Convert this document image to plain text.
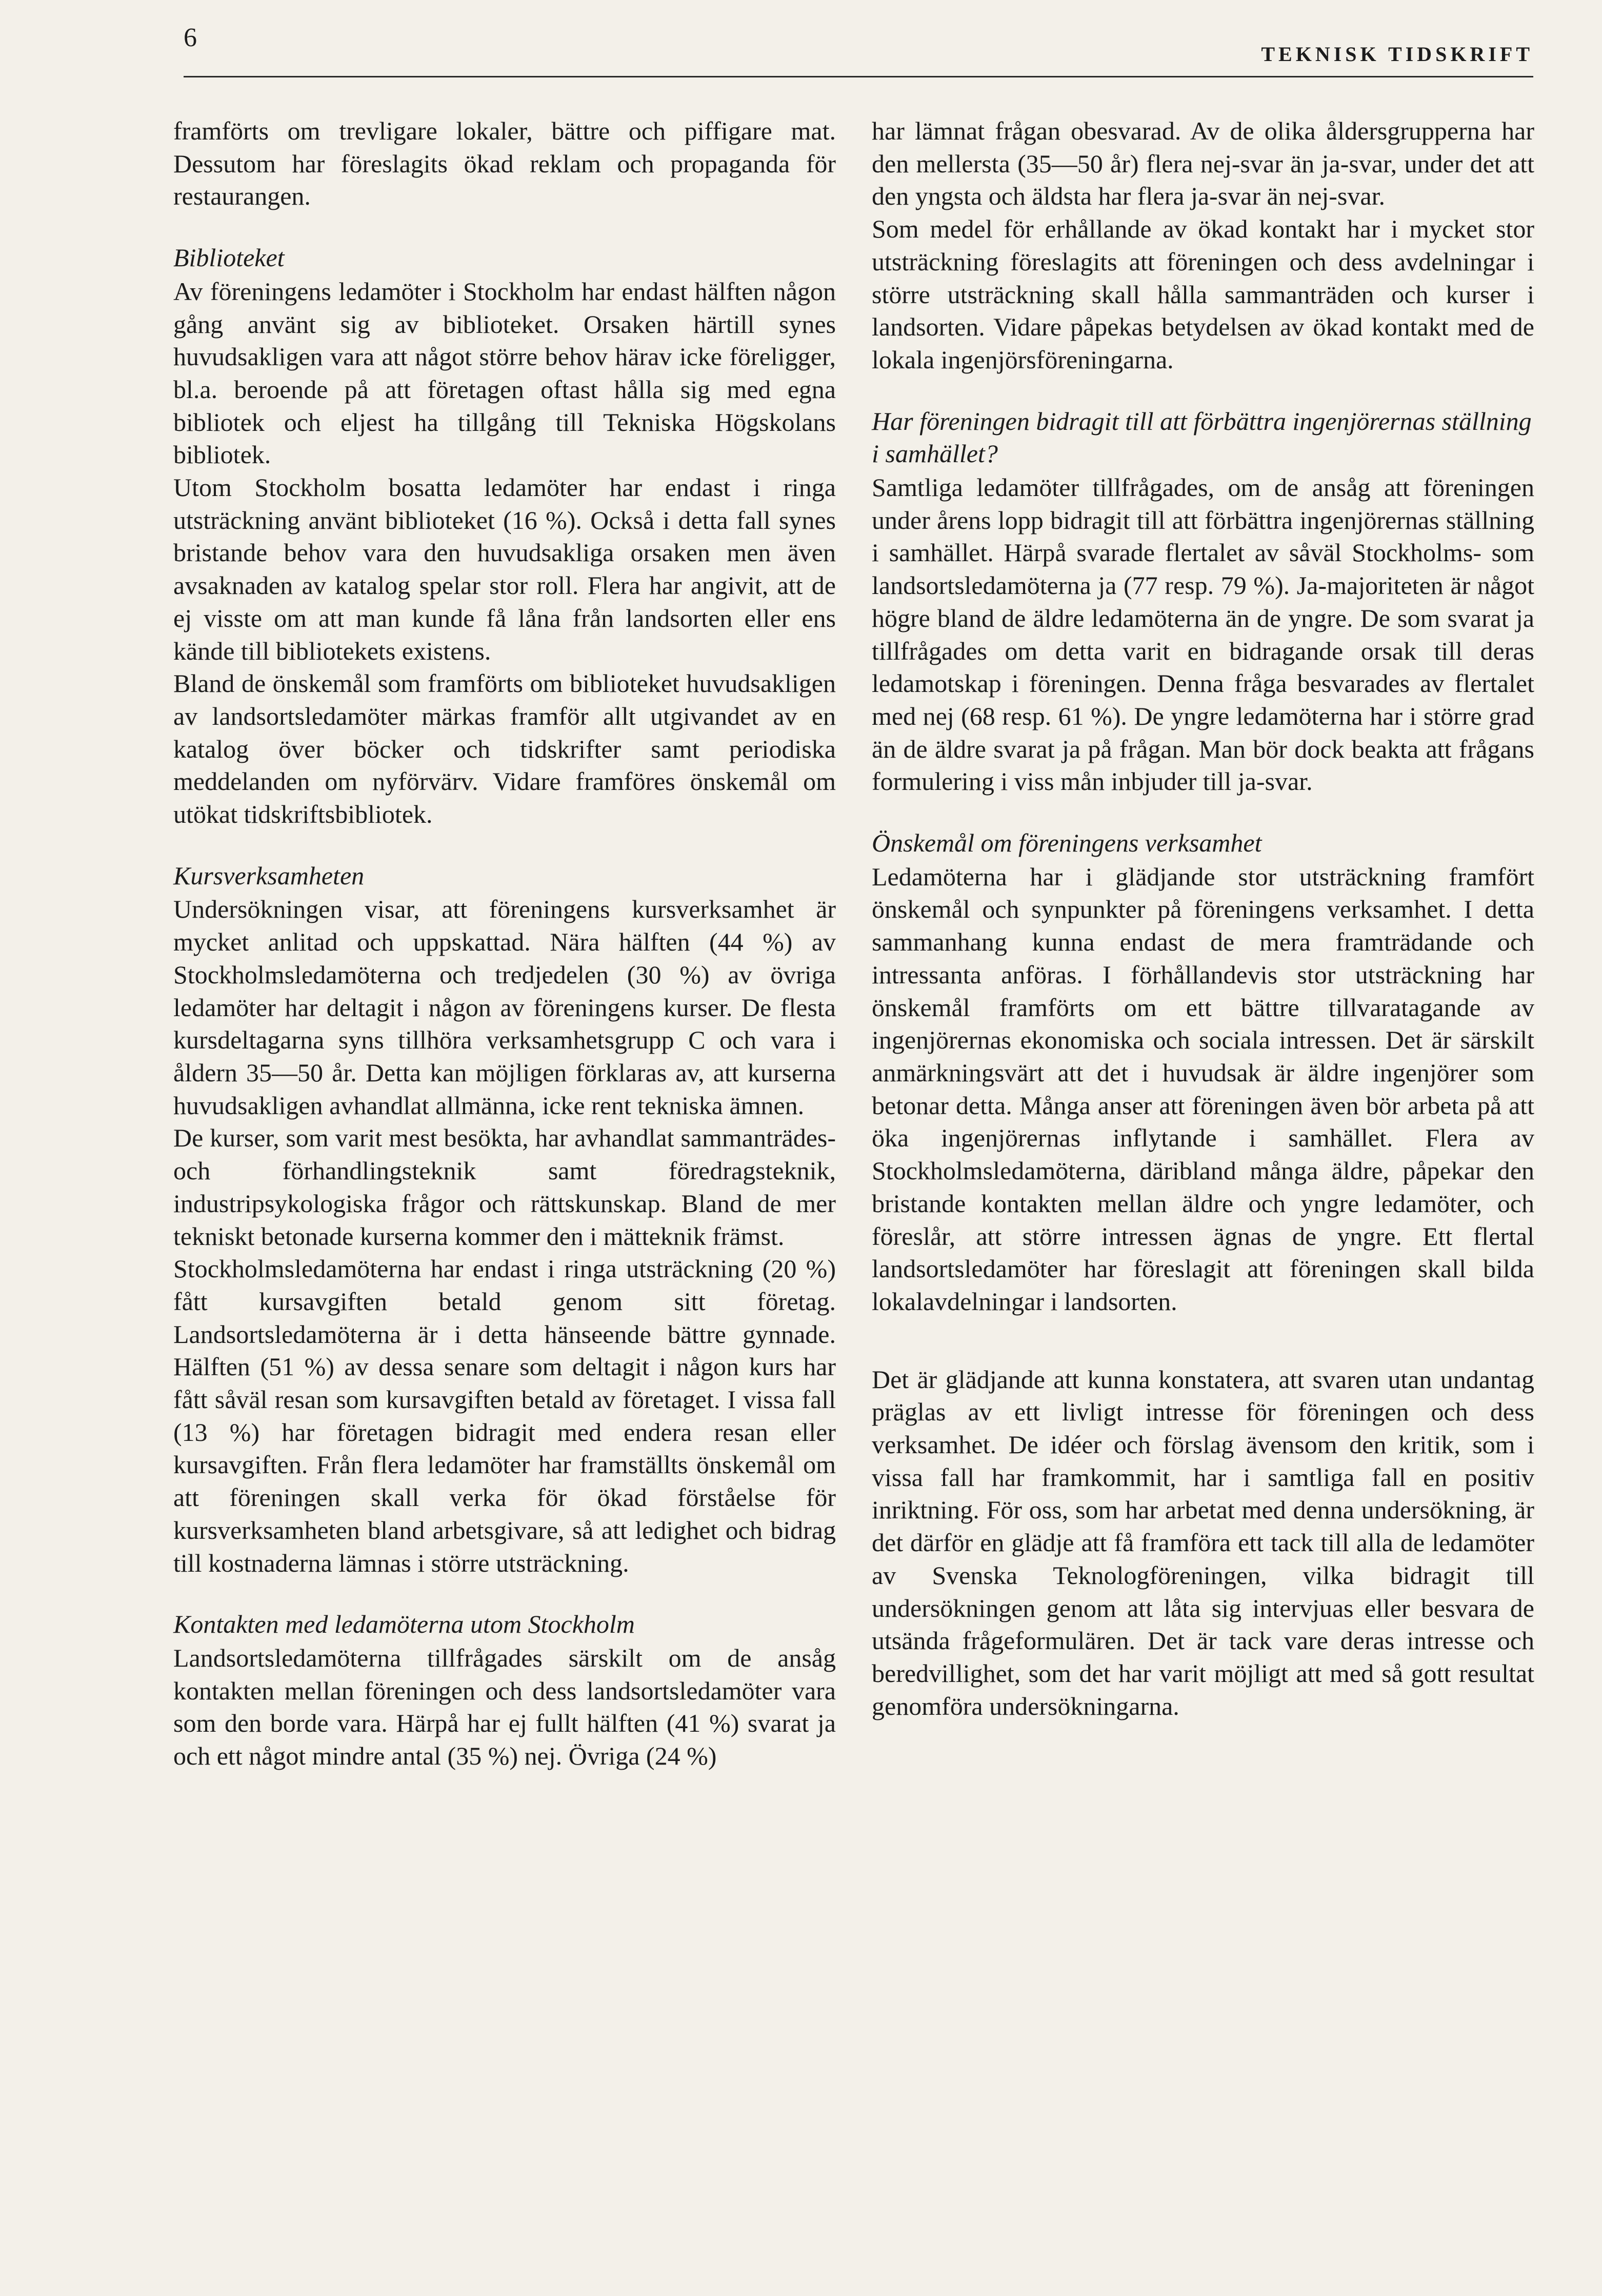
6
TEKNISK TIDSKRIFT

framförts om trevligare lokaler, bättre och piffigare mat. Dessutom har föreslagits ökad reklam och propaganda för restaurangen.

Biblioteket

Av föreningens ledamöter i Stockholm har endast hälften någon gång använt sig av biblioteket. Orsaken härtill synes huvudsakligen vara att något större behov härav icke föreligger, bl.a. beroende på att företagen oftast hålla sig med egna bibliotek och eljest ha tillgång till Tekniska Högskolans bibliotek.

Utom Stockholm bosatta ledamöter har endast i ringa utsträckning använt biblioteket (16 %). Också i detta fall synes bristande behov vara den huvudsakliga orsaken men även avsaknaden av katalog spelar stor roll. Flera har angivit, att de ej visste om att man kunde få låna från landsorten eller ens kände till bibliotekets existens.

Bland de önskemål som framförts om biblioteket huvudsakligen av landsortsledamöter märkas framför allt utgivandet av en katalog över böcker och tidskrifter samt periodiska meddelanden om nyförvärv. Vidare framföres önskemål om utökat tidskriftsbibliotek.

Kursverksamheten

Undersökningen visar, att föreningens kursverksamhet är mycket anlitad och uppskattad. Nära hälften (44 %) av Stockholmsledamöterna och tredjedelen (30 %) av övriga ledamöter har deltagit i någon av föreningens kurser. De flesta kursdeltagarna syns tillhöra verksamhetsgrupp C och vara i åldern 35—50 år. Detta kan möjligen förklaras av, att kurserna huvudsakligen avhandlat allmänna, icke rent tekniska ämnen.

De kurser, som varit mest besökta, har avhandlat sammanträdes- och förhandlingsteknik samt föredragsteknik, industripsykologiska frågor och rättskunskap. Bland de mer tekniskt betonade kurserna kommer den i mätteknik främst.

Stockholmsledamöterna har endast i ringa utsträckning (20 %) fått kursavgiften betald genom sitt företag. Landsortsledamöterna är i detta hänseende bättre gynnade. Hälften (51 %) av dessa senare som deltagit i någon kurs har fått såväl resan som kursavgiften betald av företaget. I vissa fall (13 %) har företagen bidragit med endera resan eller kursavgiften. Från flera ledamöter har framställts önskemål om att föreningen skall verka för ökad förståelse för kursverksamheten bland arbetsgivare, så att ledighet och bidrag till kostnaderna lämnas i större utsträckning.

Kontakten med ledamöterna utom Stockholm

Landsortsledamöterna tillfrågades särskilt om de ansåg kontakten mellan föreningen och dess landsortsledamöter vara som den borde vara. Härpå har ej fullt hälften (41 %) svarat ja och ett något mindre antal (35 %) nej. Övriga (24 %)

har lämnat frågan obesvarad. Av de olika åldersgrupperna har den mellersta (35—50 år) flera nej-svar än ja-svar, under det att den yngsta och äldsta har flera ja-svar än nej-svar.

Som medel för erhållande av ökad kontakt har i mycket stor utsträckning föreslagits att föreningen och dess avdelningar i större utsträckning skall hålla sammanträden och kurser i landsorten. Vidare påpekas betydelsen av ökad kontakt med de lokala ingenjörsföreningarna.

Har föreningen bidragit till att förbättra ingenjörernas ställning i samhället?

Samtliga ledamöter tillfrågades, om de ansåg att föreningen under årens lopp bidragit till att förbättra ingenjörernas ställning i samhället. Härpå svarade flertalet av såväl Stockholms- som landsortsledamöterna ja (77 resp. 79 %). Ja-majoriteten är något högre bland de äldre ledamöterna än de yngre. De som svarat ja tillfrågades om detta varit en bidragande orsak till deras ledamotskap i föreningen. Denna fråga besvarades av flertalet med nej (68 resp. 61 %). De yngre ledamöterna har i större grad än de äldre svarat ja på frågan. Man bör dock beakta att frågans formulering i viss mån inbjuder till ja-svar.

Önskemål om föreningens verksamhet

Ledamöterna har i glädjande stor utsträckning framfört önskemål och synpunkter på föreningens verksamhet. I detta sammanhang kunna endast de mera framträdande och intressanta anföras. I förhållandevis stor utsträckning har önskemål framförts om ett bättre tillvaratagande av ingenjörernas ekonomiska och sociala intressen. Det är särskilt anmärkningsvärt att det i huvudsak är äldre ingenjörer som betonar detta. Många anser att föreningen även bör arbeta på att öka ingenjörernas inflytande i samhället. Flera av Stockholmsledamöterna, däribland många äldre, påpekar den bristande kontakten mellan äldre och yngre ledamöter, och föreslår, att större intressen ägnas de yngre. Ett flertal landsortsledamöter har föreslagit att föreningen skall bilda lokalavdelningar i landsorten.

Det är glädjande att kunna konstatera, att svaren utan undantag präglas av ett livligt intresse för föreningen och dess verksamhet. De idéer och förslag ävensom den kritik, som i vissa fall har framkommit, har i samtliga fall en positiv inriktning. För oss, som har arbetat med denna undersökning, är det därför en glädje att få framföra ett tack till alla de ledamöter av Svenska Teknologföreningen, vilka bidragit till undersökningen genom att låta sig intervjuas eller besvara de utsända frågeformulären. Det är tack vare deras intresse och beredvillighet, som det har varit möjligt att med så gott resultat genomföra undersökningarna.
